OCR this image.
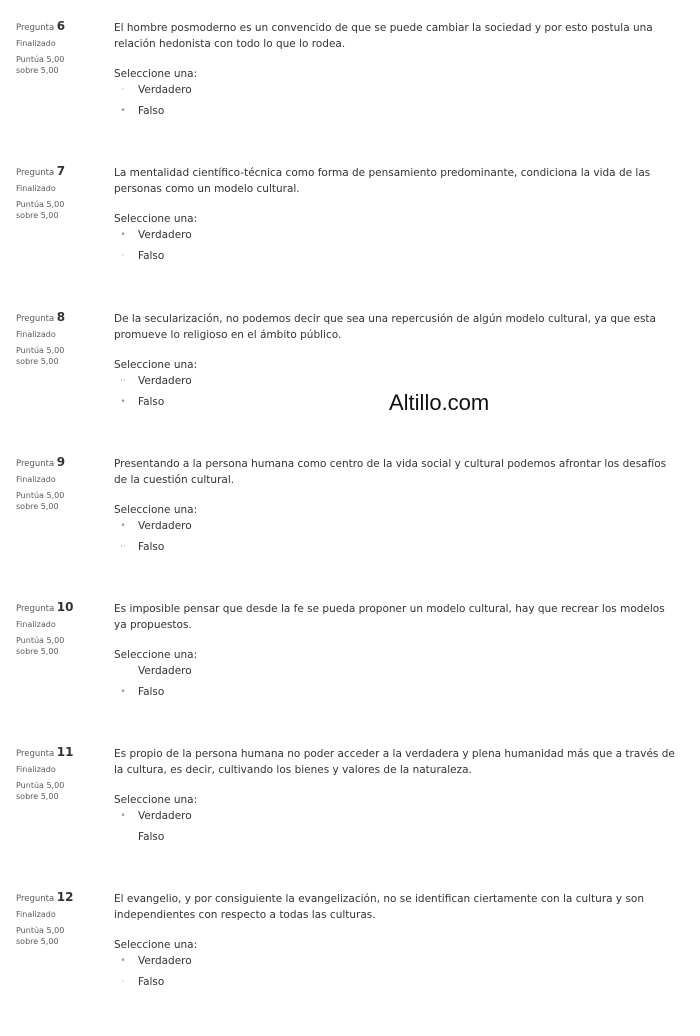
Pregunta 6
Finalizado
Puntúa 5,00
sobre 5,00

El hombre posmoderno es un convencido de que se puede cambiar la sociedad y por esto postula una relación hedonista con todo lo que lo rodea.

Seleccione una:
·	Verdadero
• Falso
Pregunta 7
Finalizado
Puntúa 5,00
sobre 5,00

La mentalidad científico-técnica como forma de pensamiento predominante, condiciona la vida de las personas como un modelo cultural.

Seleccione una:
• Verdadero
·	Falso
Pregunta 8
Finalizado
Puntúa 5,00
sobre 5,00

De la secularización, no podemos decir que sea una repercusión de algún modelo cultural, ya que esta promueve lo religioso en el ámbito público.

Seleccione una:
·· Verdadero
• Falso
Pregunta 9
Finalizado
Puntúa 5,00
sobre 5,00

Presentando a la persona humana como centro de la vida social y cultural podemos afrontar los desafíos de la cuestión cultural.

Seleccione una:
• Verdadero
·· Falso
Pregunta 10
Finalizado
Puntúa 5,00
sobre 5,00

Es imposible pensar que desde la fe se pueda proponer un modelo cultural, hay que recrear los modelos ya propuestos.

Seleccione una:
Verdadero
• Falso
Pregunta 11
Finalizado
Puntúa 5,00
sobre 5,00

Es propio de la persona humana no poder acceder a la verdadera y plena humanidad más que a través de la cultura, es decir, cultivando los bienes y valores de la naturaleza.

Seleccione una:
• Verdadero
Falso
Pregunta 12
Finalizado
Puntúa 5,00
sobre 5,00

El evangelio, y por consiguiente la evangelización, no se identifican ciertamente con la cultura y son independientes con respecto a todas las culturas.

Seleccione una:
• Verdadero
·	Falso
Altillo.com
